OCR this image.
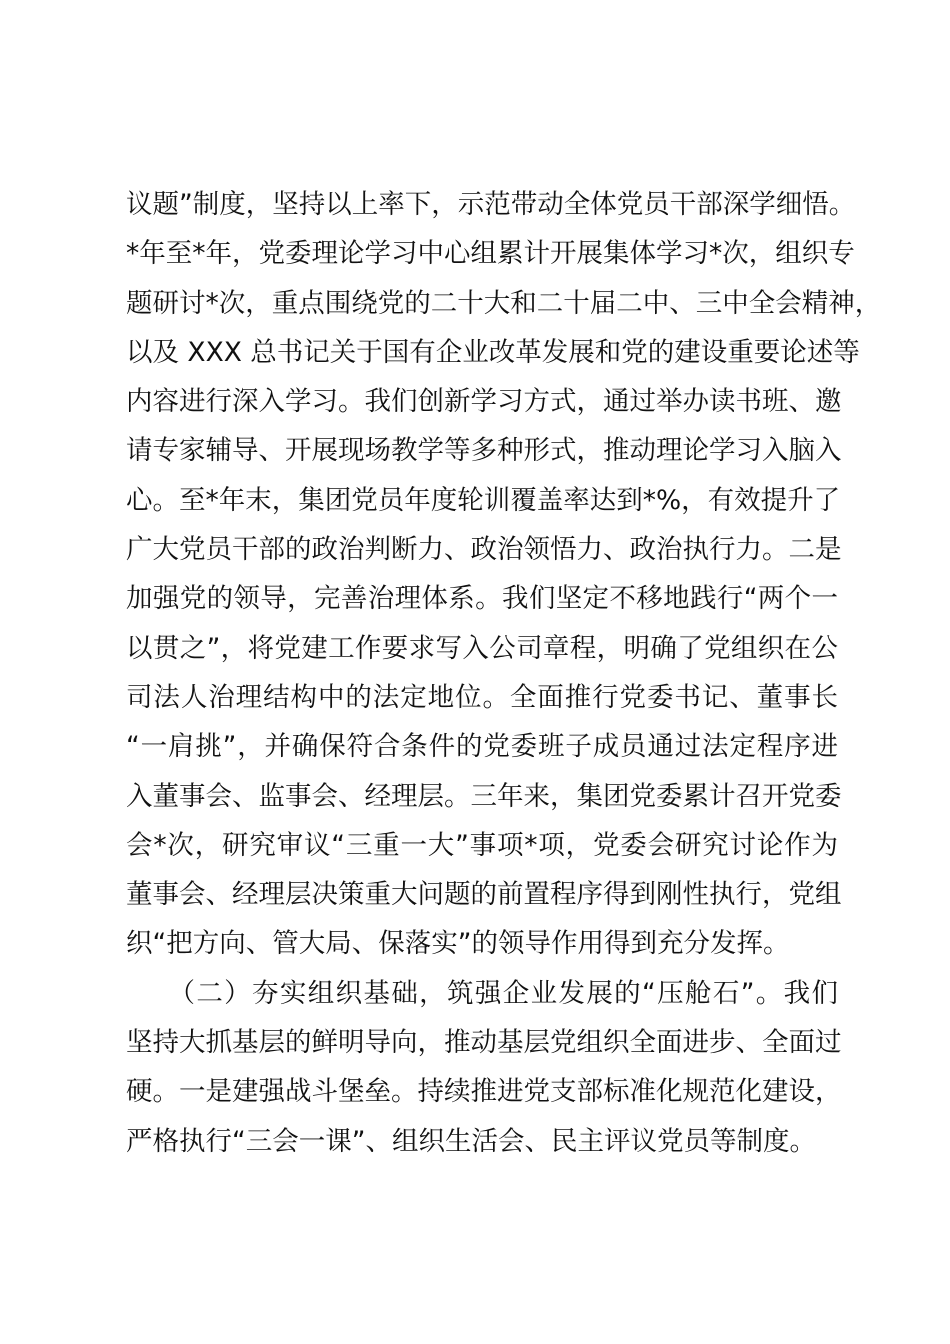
议题”制度，坚持以上率下，示范带动全体党员干部深学细悟。
*年至*年，党委理论学习中心组累计开展集体学习*次，组织专
题研讨*次，重点围绕党的二十大和二十届二中、三中全会精神，
以及 XXX 总书记关于国有企业改革发展和党的建设重要论述等
内容进行深入学习。我们创新学习方式，通过举办读书班、邀
请专家辅导、开展现场教学等多种形式，推动理论学习入脑入
心。至*年末，集团党员年度轮训覆盖率达到*%，有效提升了
广大党员干部的政治判断力、政治领悟力、政治执行力。二是
加强党的领导，完善治理体系。我们坚定不移地践行“两个一
以贯之”，将党建工作要求写入公司章程，明确了党组织在公
司法人治理结构中的法定地位。全面推行党委书记、董事长
“一肩挑”，并确保符合条件的党委班子成员通过法定程序进
入董事会、监事会、经理层。三年来，集团党委累计召开党委
会*次，研究审议“三重一大”事项*项，党委会研究讨论作为
董事会、经理层决策重大问题的前置程序得到刚性执行，党组
织“把方向、管大局、保落实”的领导作用得到充分发挥。
　　（二）夯实组织基础，筑强企业发展的“压舱石”。我们
坚持大抓基层的鲜明导向，推动基层党组织全面进步、全面过
硬。一是建强战斗堡垒。持续推进党支部标准化规范化建设，
严格执行“三会一课”、组织生活会、民主评议党员等制度。
